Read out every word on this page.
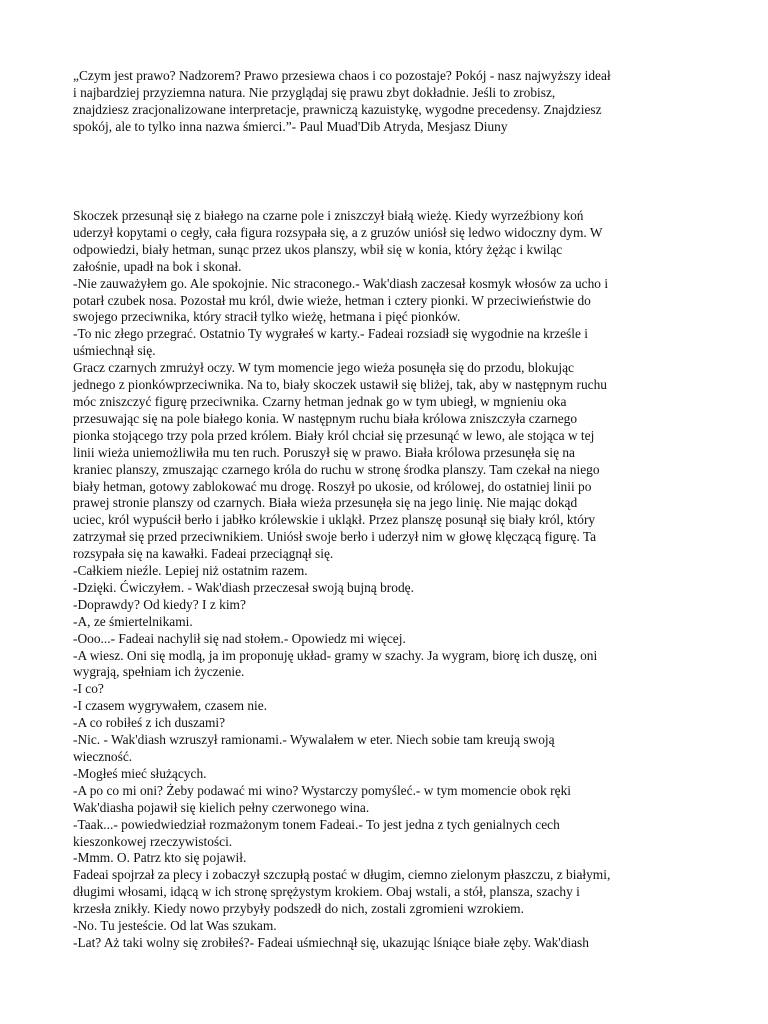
„Czym jest prawo? Nadzorem? Prawo przesiewa chaos i co pozostaje? Pokój - nasz najwyższy ideał
i najbardziej przyziemna natura. Nie przyglądaj się prawu zbyt dokładnie. Jeśli to zrobisz,
znajdziesz zracjonalizowane interpretacje, prawniczą kazuistykę, wygodne precedensy. Znajdziesz
spokój, ale to tylko inna nazwa śmierci.”- Paul Muad'Dib Atryda, Mesjasz Diuny
Skoczek przesunął się z białego na czarne pole i zniszczył białą wieżę. Kiedy wyrzeźbiony koń
uderzył kopytami o cegły, cała figura rozsypała się, a z gruzów uniósł się ledwo widoczny dym. W
odpowiedzi, biały hetman, sunąc przez ukos planszy, wbił się w konia, który żężąc i kwiląc
załośnie, upadł na bok i skonał.
-Nie zauważyłem go. Ale spokojnie. Nic straconego.- Wak'diash zaczesał kosmyk włosów za ucho i
potarł czubek nosa. Pozostał mu król, dwie wieże, hetman i cztery pionki. W przeciwieństwie do
swojego przeciwnika, który stracił tylko wieżę, hetmana i pięć pionków.
-To nic złego przegrać. Ostatnio Ty wygrałeś w karty.- Fadeai rozsiadł się wygodnie na krześle i
uśmiechnął się.
Gracz czarnych zmrużył oczy. W tym momencie jego wieża posunęła się do przodu, blokując
jednego z pionkówprzeciwnika. Na to, biały skoczek ustawił się bliżej, tak, aby w następnym ruchu
móc zniszczyć figurę przeciwnika. Czarny hetman jednak go w tym ubiegł, w mgnieniu oka
przesuwając się na pole białego konia. W następnym ruchu biała królowa zniszczyła czarnego
pionka stojącego trzy pola przed królem. Biały król chciał się przesunąć w lewo, ale stojąca w tej
linii wieża uniemożliwiła mu ten ruch. Poruszył się w prawo. Biała królowa przesunęła się na
kraniec planszy, zmuszając czarnego króla do ruchu w stronę środka planszy. Tam czekał na niego
biały hetman, gotowy zablokować mu drogę. Roszył po ukosie, od królowej, do ostatniej linii po
prawej stronie planszy od czarnych. Biała wieża przesunęła się na jego linię. Nie mając dokąd
uciec, król wypuścił berło i jabłko królewskie i ukląkł. Przez planszę posunął się biały król, który
zatrzymał się przed przeciwnikiem. Uniósł swoje berło i uderzył nim w głowę klęczącą figurę. Ta
rozsypała się na kawałki. Fadeai przeciągnął się.
-Całkiem nieźle. Lepiej niż ostatnim razem.
-Dzięki. Ćwiczyłem. - Wak'diash przeczesał swoją bujną brodę.
-Doprawdy? Od kiedy? I z kim?
-A, ze śmiertelnikami.
-Ooo...- Fadeai nachylił się nad stołem.- Opowiedz mi więcej.
-A wiesz. Oni się modlą, ja im proponuję układ- gramy w szachy. Ja wygram, biorę ich duszę, oni
wygrają, spełniam ich życzenie.
-I co?
-I czasem wygrywałem, czasem nie.
-A co robiłeś z ich duszami?
-Nic. - Wak'diash wzruszył ramionami.- Wywalałem w eter. Niech sobie tam kreują swoją
wieczność.
-Mogłeś mieć służących.
-A po co mi oni? Żeby podawać mi wino? Wystarczy pomyśleć.- w tym momencie obok ręki
Wak'diasha pojawił się kielich pełny czerwonego wina.
-Taak...- powiedwiedział rozmażonym tonem Fadeai.- To jest jedna z tych genialnych cech
kieszonkowej rzeczywistości.
-Mmm. O. Patrz kto się pojawił.
Fadeai spojrzał za plecy i zobaczył szczupłą postać w długim, ciemno zielonym płaszczu, z białymi,
długimi włosami, idącą w ich stronę sprężystym krokiem. Obaj wstali, a stół, plansza, szachy i
krzesła znikły. Kiedy nowo przybyły podszedł do nich, zostali zgromieni wzrokiem.
-No. Tu jesteście. Od lat Was szukam.
-Lat? Aż taki wolny się zrobiłeś?- Fadeai uśmiechnął się, ukazując lśniące białe zęby. Wak'diash
